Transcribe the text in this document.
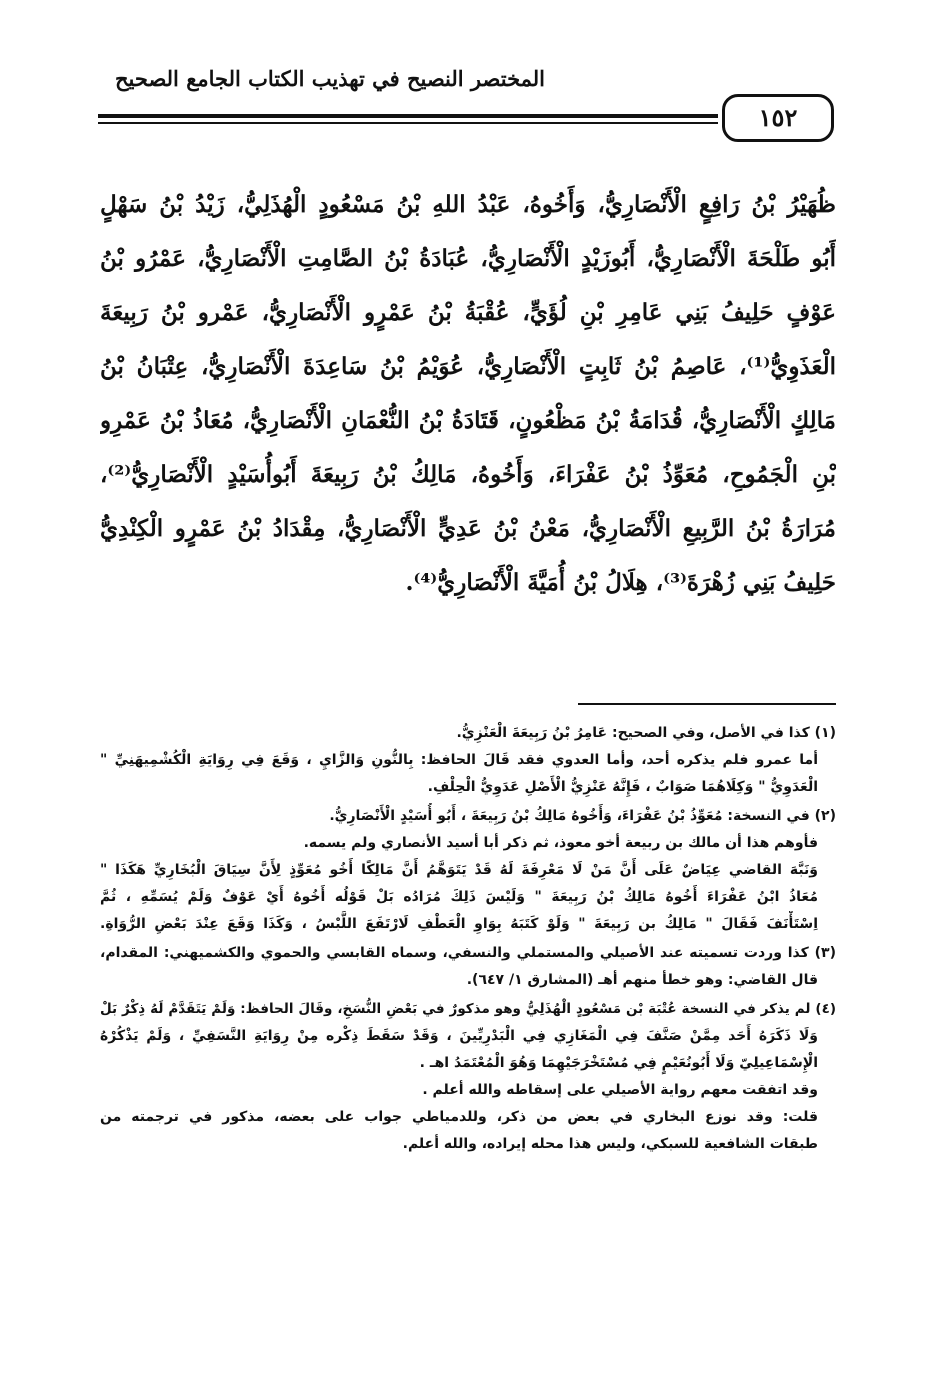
المختصر النصيح في تهذيب الكتاب الجامع الصحيح
١٥٢
ظُهَيْرُ بْنُ رَافِعٍ الْأَنْصَارِيُّ، وَأَخُوهُ، عَبْدُ اللهِ بْنُ مَسْعُودٍ الْهُذَلِيُّ، زَيْدُ بْنُ سَهْلٍ
أَبُو طَلْحَةَ الْأَنْصَارِيُّ، أَبُوزَيْدٍ الْأَنْصَارِيُّ، عُبَادَةُ بْنُ الصَّامِتِ الْأَنْصَارِيُّ، عَمْرُو بْنُ
عَوْفٍ حَلِيفُ بَنِي عَامِرِ بْنِ لُؤَيٍّ، عُقْبَةُ بْنُ عَمْرٍو الْأَنْصَارِيُّ، عَمْرو بْنُ رَبِيعَةَ
الْعَذَوِيُّ⁽¹⁾، عَاصِمُ بْنُ ثَابِتٍ الْأَنْصَارِيُّ، عُوَيْمُ بْنُ سَاعِدَةَ الْأَنْصَارِيُّ، عِتْبَانُ بْنُ
مَالِكٍ الْأَنْصَارِيُّ، قُدَامَةُ بْنُ مَظْعُونٍ، قَتَادَةُ بْنُ النُّعْمَانِ الْأَنْصَارِيُّ، مُعَاذُ بْنُ عَمْرِو
بْنِ الْجَمُوحِ، مُعَوِّذُ بْنُ عَفْرَاءَ، وَأَخُوهُ، مَالِكُ بْنُ رَبِيعَةَ أَبُوأُسَيْدٍ الْأَنْصَارِيُّ⁽²⁾،
مُرَارَةُ بْنُ الرَّبِيعِ الْأَنْصَارِيُّ، مَعْنُ بْنُ عَدِيٍّ الْأَنْصَارِيُّ، مِقْدَادُ بْنُ عَمْرٍو الْكِنْدِيُّ
حَلِيفُ بَنِي زُهْرَةَ⁽³⁾، هِلَالُ بْنُ أُمَيَّةَ الْأَنْصَارِيُّ⁽⁴⁾.
(١) كذا في الأصل، وفي الصحيح: عَامِرُ بْنُ رَبِيعَةَ الْعَنْزِيُّ.
أما عمرو فلم يذكره أحد، وأما العدوي فقد قَالَ الحافظ: بِالنُّونِ وَالزَّايِ ، وَقَعَ فِي رِوَايَةِ الْكُشْمِيهَنِيِّ "
الْعَدَوِيُّ " وَكِلَاهُمَا صَوَابٌ ، فَإِنَّهُ عَنْزِيُّ الْأَصْلِ عَدَوِيُّ الْحِلْفِ.
(٢) في النسخة: مُعَوِّذُ بْنُ عَفْرَاءَ، وَأَخُوهُ مَالِكُ بْنُ رَبِيعَةَ ، أَبُو أُسَيْدٍ الْأَنْصَارِيُّ.
فأوهم هذا أن مالك بن ربيعة أخو معوذ، ثم ذكر أبا أسيد الأنصاري ولم يسمه.
وَنَبَّهَ القاضي عِيَاضٌ عَلَى أَنَّ مَنْ لَا مَعْرِفَةَ لَهُ قَدْ يَتَوَهَّمُ أَنَّ مَالِكًا أَخُو مُعَوِّذٍ لِأَنَّ سِيَاقَ الْبُخَارِيِّ هَكَذَا "
مُعَاذُ ابْنُ عَفْرَاءَ أَخُوهُ مَالِكُ بْنُ رَبِيعَةَ " وَلَيْسَ ذَلِكَ مُرَادُه بَلْ قَوْلُه أَخُوهُ أَيْ عَوْفٌ وَلَمْ يُسَمِّهِ ، ثُمَّ
اِسْتَأْنَفَ فَقَالَ " مَالِكُ بن رَبِيعَةَ " وَلَوْ كَتَبَهُ بِوَاوِ الْعَطْفِ لَارْتَفَعَ اللَّبْسُ ، وَكَذَا وَقَعَ عِنْدَ بَعْضِ الرُّوَاةِ.
(٣) كذا وردت تسميته عند الأصيلي والمستملي والنسفي، وسماه القابسي والحموي والكشميهني: المقدام،
قال القاضي: وهو خطأ منهم أهـ (المشارق ١/ ٦٤٧).
(٤) لم يذكر في النسخة عُتْبَة بْن مَسْعُودٍ الْهُذَلِيُّ وهو مذكورٌ في بَعْضِ النُّسَخِ، وقَالَ الحافظ: وَلَمْ يَتَقَدَّمْ لَهُ ذِكْرٌ بَلْ
وَلَا ذَكَرَهُ أَحَد مِمَّنْ صَنَّفَ فِي الْمَغَازِي فِي الْبَدْرِيِّينَ ، وَقَدْ سَقَطَ ذِكْره مِنْ رِوَايَةِ النَّسَفِيِّ ، وَلَمْ يَذْكُرْهُ
الْإِسْمَاعِيلِيّ وَلَا أَبُونُعَيْمٍ فِي مُسْتَخْرَجَيْهِمَا وَهُوَ الْمُعْتَمَدُ اهـ .
وقد اتفقت معهم رواية الأصيلي على إسقاطه والله أعلم .
قلت: وقد نوزع البخاري في بعض من ذكر، وللدمياطي جواب على بعضه، مذكور في ترجمته من
طبقات الشافعية للسبكي، وليس هذا محله إيراده، والله أعلم.
